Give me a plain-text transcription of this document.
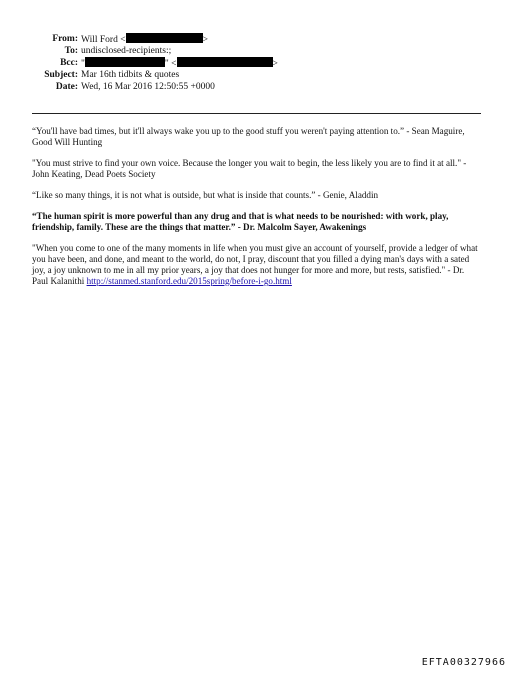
From: Will Ford <	>
To: undisclosed-recipients:;
Bcc: "	" <	>
Subject: Mar 16th tidbits & quotes
Date: Wed, 16 Mar 2016 12:50:55 +0000

“You'll have bad times, but it'll always wake you up to the good stuff you weren't paying attention to.” - Sean Maguire, Good Will Hunting

"You must strive to find your own voice. Because the longer you wait to begin, the less likely you are to find it at all." - John Keating, Dead Poets Society

“Like so many things, it is not what is outside, but what is inside that counts.” - Genie, Aladdin

“The human spirit is more powerful than any drug and that is what needs to be nourished: with work, play, friendship, family. These are the things that matter.” - Dr. Malcolm Sayer, Awakenings

"When you come to one of the many moments in life when you must give an account of yourself, provide a ledger of what you have been, and done, and meant to the world, do not, I pray, discount that you filled a dying man's days with a sated joy, a joy unknown to me in all my prior years, a joy that does not hunger for more and more, but rests, satisfied." - Dr. Paul Kalanithi http://stanmed.stanford.edu/2015spring/before-i-go.html

EFTA00327966
